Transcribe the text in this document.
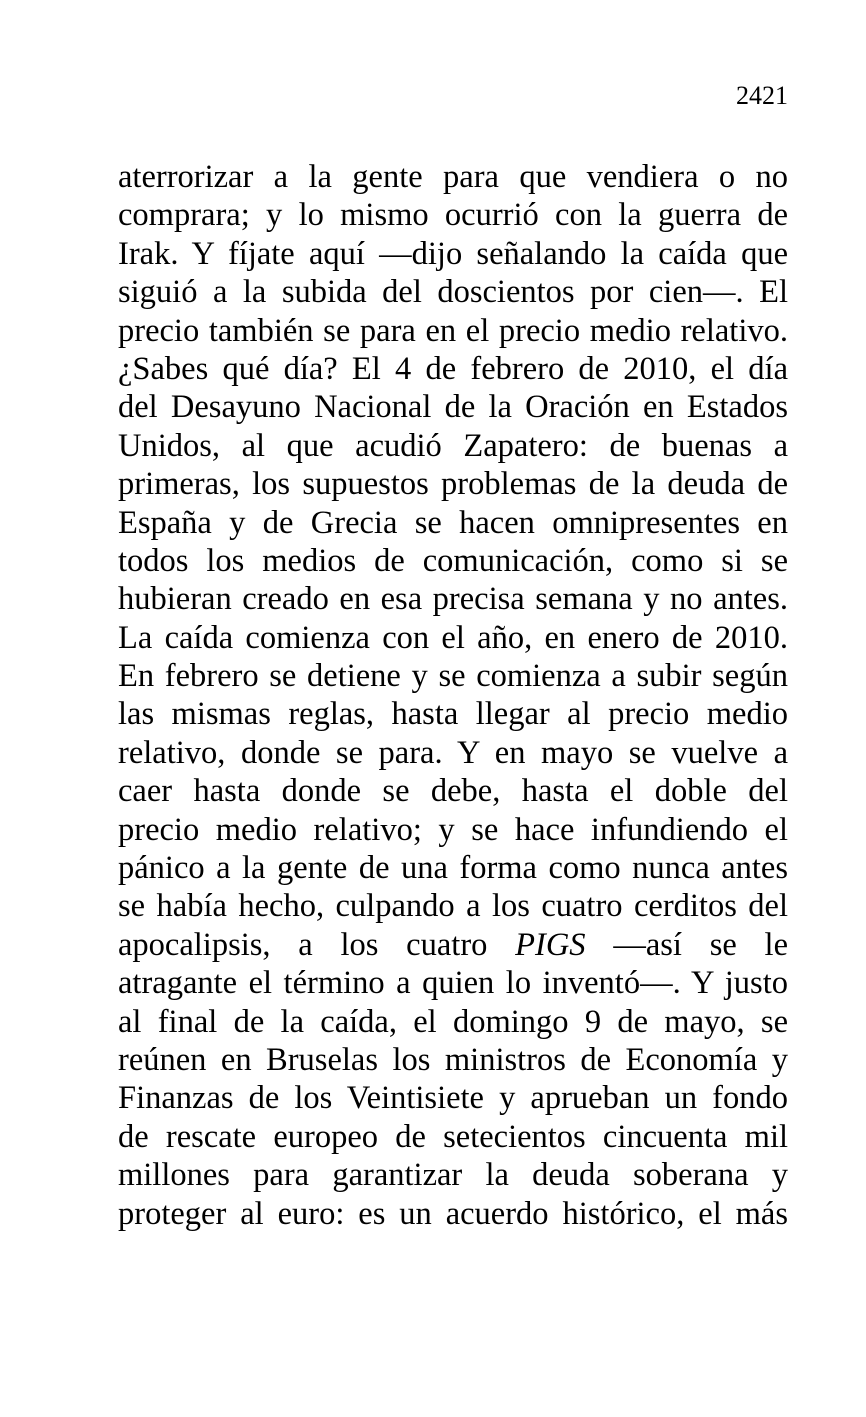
2421
aterrorizar a la gente para que vendiera o no
comprara; y lo mismo ocurrió con la guerra de
Irak. Y fíjate aquí —dijo señalando la caída que
siguió a la subida del doscientos por cien—. El
precio también se para en el precio medio relativo.
¿Sabes qué día? El 4 de febrero de 2010, el día
del Desayuno Nacional de la Oración en Estados
Unidos, al que acudió Zapatero: de buenas a
primeras, los supuestos problemas de la deuda de
España y de Grecia se hacen omnipresentes en
todos los medios de comunicación, como si se
hubieran creado en esa precisa semana y no antes.
La caída comienza con el año, en enero de 2010.
En febrero se detiene y se comienza a subir según
las mismas reglas, hasta llegar al precio medio
relativo, donde se para. Y en mayo se vuelve a
caer hasta donde se debe, hasta el doble del
precio medio relativo; y se hace infundiendo el
pánico a la gente de una forma como nunca antes
se había hecho, culpando a los cuatro cerditos del
apocalipsis, a los cuatro PIGS —así se le
atragante el término a quien lo inventó—. Y justo
al final de la caída, el domingo 9 de mayo, se
reúnen en Bruselas los ministros de Economía y
Finanzas de los Veintisiete y aprueban un fondo
de rescate europeo de setecientos cincuenta mil
millones para garantizar la deuda soberana y
proteger al euro: es un acuerdo histórico, el más
